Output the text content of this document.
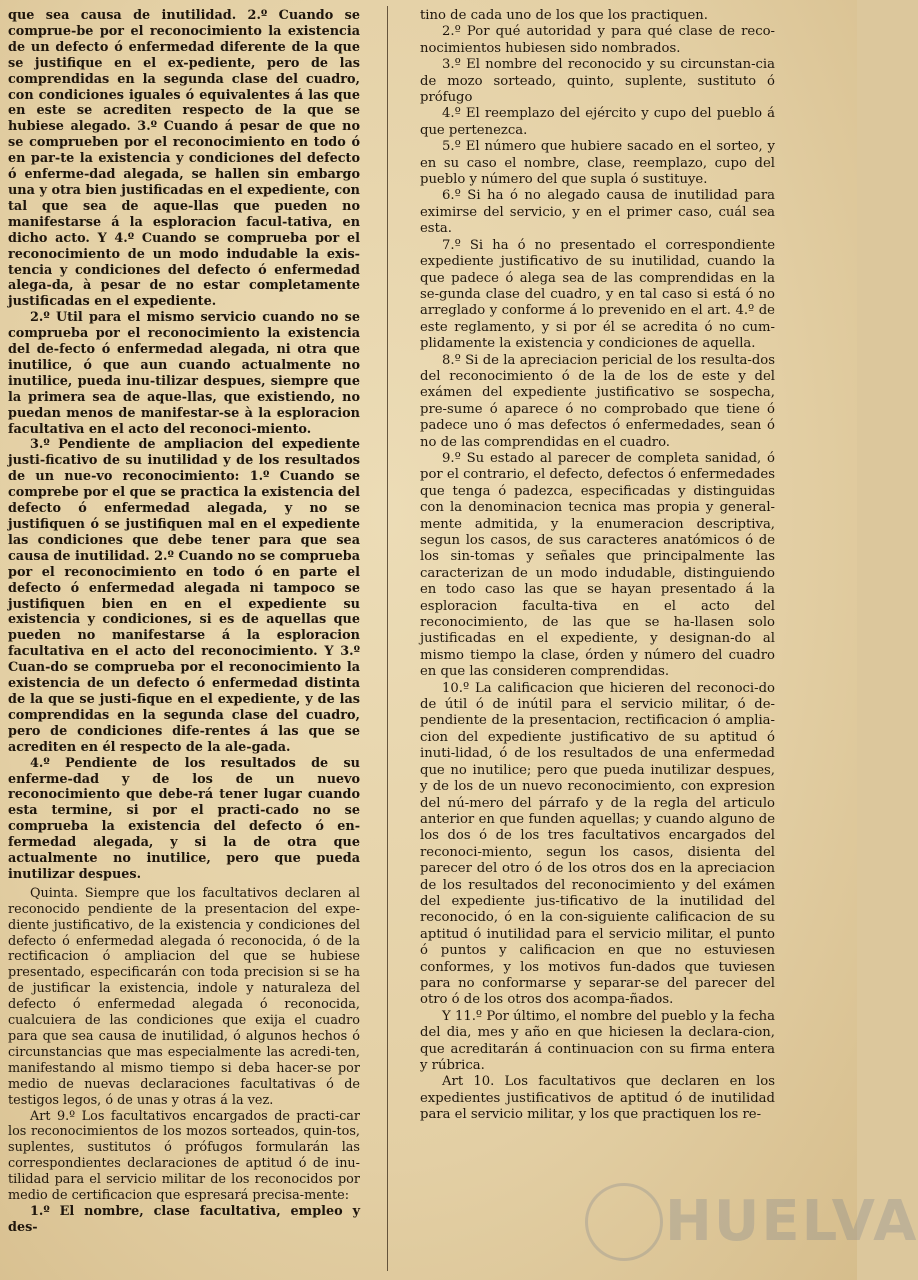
que sea causa de inutilidad. 2.º Cuando se comprue-be por el reconocimiento la existencia de un defecto ó enfermedad diferente de la que se justifique en el ex-pediente, pero de las comprendidas en la segunda clase del cuadro, con condiciones iguales ó equivalentes á las que en este se acrediten respecto de la que se hubiese alegado. 3.º Cuando á pesar de que no se comprueben por el reconocimiento en todo ó en par-te la existencia y condiciones del defecto ó enferme-dad alegada, se hallen sin embargo una y otra bien justificadas en el expediente, con tal que sea de aque-llas que pueden no manifestarse á la esploracion facul-tativa, en dicho acto. Y 4.º Cuando se comprueba por el reconocimiento de un modo indudable la exis-tencia y condiciones del defecto ó enfermedad alega-da, à pesar de no estar completamente justificadas en el expediente.

2.º Util para el mismo servicio cuando no se comprueba por el reconocimiento la existencia del de-fecto ó enfermedad alegada, ni otra que inutilice, ó que aun cuando actualmente no inutilice, pueda inu-tilizar despues, siempre que la primera sea de aque-llas, que existiendo, no puedan menos de manifestar-se à la esploracion facultativa en el acto del reconoci-miento.

3.º Pendiente de ampliacion del expediente justi-ficativo de su inutilidad y de los resultados de un nue-vo reconocimiento: 1.º Cuando se comprebe por el que se practica la existencia del defecto ó enfermedad alegada, y no se justifiquen ó se justifiquen mal en el expediente las condiciones que debe tener para que sea causa de inutilidad. 2.º Cuando no se comprueba por el reconocimiento en todo ó en parte el defecto ó enfermedad alegada ni tampoco se justifiquen bien en en el expediente su existencia y condiciones, si es de aquellas que pueden no manifestarse á la esploracion facultativa en el acto del reconocimiento. Y 3.º Cuan-do se comprueba por el reconocimiento la existencia de un defecto ó enfermedad distinta de la que se justi-fique en el expediente, y de las comprendidas en la segunda clase del cuadro, pero de condiciones dife-rentes á las que se acrediten en él respecto de la ale-gada.

4.º Pendiente de los resultados de su enferme-dad y de los de un nuevo reconocimiento que debe-rá tener lugar cuando esta termine, si por el practi-cado no se comprueba la existencia del defecto ó en-fermedad alegada, y si la de otra que actualmente no inutilice, pero que pueda inutilizar despues.

Quinta. Siempre que los facultativos declaren al reconocido pendiente de la presentacion del expe-diente justificativo, de la existencia y condiciones del defecto ó enfermedad alegada ó reconocida, ó de la rectificacion ó ampliacion del que se hubiese presentado, especificarán con toda precision si se ha de justificar la existencia, indole y naturaleza del defecto ó enfermedad alegada ó reconocida, cualcuiera de las condiciones que exija el cuadro para que sea causa de inutilidad, ó algunos hechos ó circunstancias que mas especialmente las acredi-ten, manifestando al mismo tiempo si deba hacer-se por medio de nuevas declaraciones facultativas ó de testigos legos, ó de unas y otras á la vez.

Art 9.º Los facultativos encargados de practi-car los reconocimientos de los mozos sorteados, quin-tos, suplentes, sustitutos ó prófugos formularán las correspondientes declaraciones de aptitud ó de inu-tilidad para el servicio militar de los reconocidos por medio de certificacion que espresará precisa-mente:

1.º El nombre, clase facultativa, empleo y des-

tino de cada uno de los que los practiquen.

2.º Por qué autoridad y para qué clase de reco-nocimientos hubiesen sido nombrados.

3.º El nombre del reconocido y su circunstan-cia de mozo sorteado, quinto, suplente, sustituto ó prófugo

4.º El reemplazo del ejército y cupo del pueblo á que pertenezca.

5.º El número que hubiere sacado en el sorteo, y en su caso el nombre, clase, reemplazo, cupo del pueblo y número del que supla ó sustituye.

6.º Si ha ó no alegado causa de inutilidad para eximirse del servicio, y en el primer caso, cuál sea esta.

7.º Si ha ó no presentado el correspondiente expediente justificativo de su inutilidad, cuando la que padece ó alega sea de las comprendidas en la se-gunda clase del cuadro, y en tal caso si está ó no arreglado y conforme á lo prevenido en el art. 4.º de este reglamento, y si por él se acredita ó no cum-plidamente la existencia y condiciones de aquella.

8.º Si de la apreciacion pericial de los resulta-dos del reconocimiento ó de la de los de este y del exámen del expediente justificativo se sospecha, pre-sume ó aparece ó no comprobado que tiene ó padece uno ó mas defectos ó enfermedades, sean ó no de las comprendidas en el cuadro.

9.º Su estado al parecer de completa sanidad, ó por el contrario, el defecto, defectos ó enfermedades que tenga ó padezca, especificadas y distinguidas con la denominacion tecnica mas propia y general-mente admitida, y la enumeracion descriptiva, segun los casos, de sus caracteres anatómicos ó de los sin-tomas y señales que principalmente las caracterizan de un modo indudable, distinguiendo en todo caso las que se hayan presentado á la esploracion faculta-tiva en el acto del reconocimiento, de las que se ha-llasen solo justificadas en el expediente, y designan-do al mismo tiempo la clase, órden y número del cuadro en que las consideren comprendidas.

10.º La calificacion que hicieren del reconoci-do de útil ó de inútil para el servicio militar, ó de-pendiente de la presentacion, rectificacion ó amplia-cion del expediente justificativo de su aptitud ó inuti-lidad, ó de los resultados de una enfermedad que no inutilice; pero que pueda inutilizar despues, y de los de un nuevo reconocimiento, con expresion del nú-mero del párrafo y de la regla del articulo anterior en que funden aquellas; y cuando alguno de los dos ó de los tres facultativos encargados del reconoci-miento, segun los casos, disienta del parecer del otro ó de los otros dos en la apreciacion de los resultados del reconocimiento y del exámen del expediente jus-tificativo de la inutilidad del reconocido, ó en la con-siguiente calificacion de su aptitud ó inutilidad para el servicio militar, el punto ó puntos y calificacion en que no estuviesen conformes, y los motivos fun-dados que tuviesen para no conformarse y separar-se del parecer del otro ó de los otros dos acompa-ñados.

Y 11.º Por último, el nombre del pueblo y la fecha del dia, mes y año en que hiciesen la declara-cion, que acreditarán á continuacion con su firma entera y rúbrica.

Art 10. Los facultativos que declaren en los expedientes justificativos de aptitud ó de inutilidad para el servicio militar, y los que practiquen los re-

HUELVA
